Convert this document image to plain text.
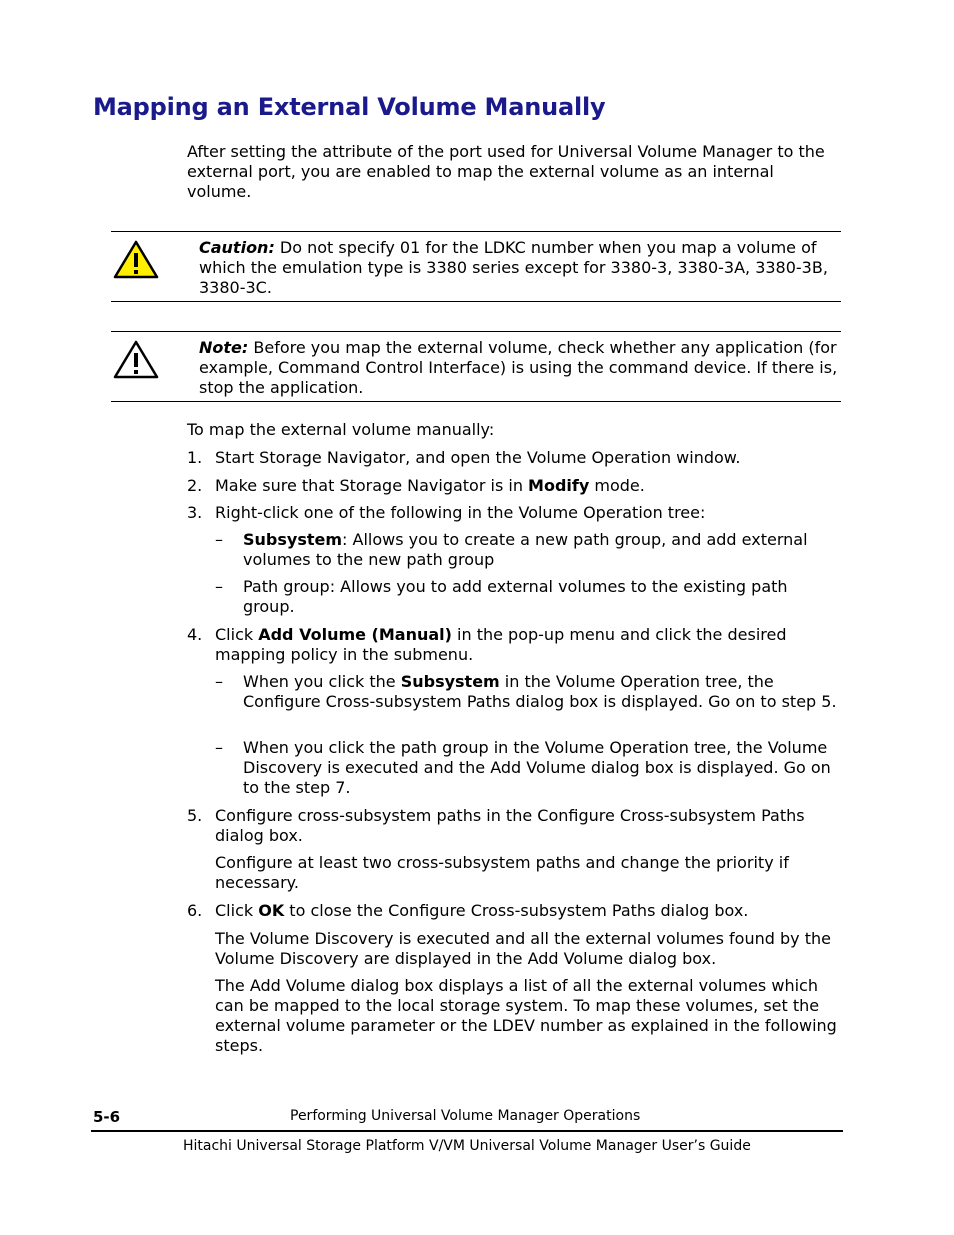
Mapping an External Volume Manually
After setting the attribute of the port used for Universal Volume Manager to the external port, you are enabled to map the external volume as an internal volume.
Caution: Do not specify 01 for the LDKC number when you map a volume of which the emulation type is 3380 series except for 3380-3, 3380-3A, 3380-3B, 3380-3C.
Note: Before you map the external volume, check whether any application (for example, Command Control Interface) is using the command device. If there is, stop the application.
To map the external volume manually:
1. Start Storage Navigator, and open the Volume Operation window.
2. Make sure that Storage Navigator is in Modify mode.
3. Right-click one of the following in the Volume Operation tree:
– Subsystem: Allows you to create a new path group, and add external volumes to the new path group
– Path group: Allows you to add external volumes to the existing path group.
4. Click Add Volume (Manual) in the pop-up menu and click the desired mapping policy in the submenu.
– When you click the Subsystem in the Volume Operation tree, the Configure Cross-subsystem Paths dialog box is displayed. Go on to step 5.
– When you click the path group in the Volume Operation tree, the Volume Discovery is executed and the Add Volume dialog box is displayed. Go on to the step 7.
5. Configure cross-subsystem paths in the Configure Cross-subsystem Paths dialog box.
Configure at least two cross-subsystem paths and change the priority if necessary.
6. Click OK to close the Configure Cross-subsystem Paths dialog box.
The Volume Discovery is executed and all the external volumes found by the Volume Discovery are displayed in the Add Volume dialog box.
The Add Volume dialog box displays a list of all the external volumes which can be mapped to the local storage system. To map these volumes, set the external volume parameter or the LDEV number as explained in the following steps.
5-6	Performing Universal Volume Manager Operations
Hitachi Universal Storage Platform V/VM Universal Volume Manager User’s Guide
